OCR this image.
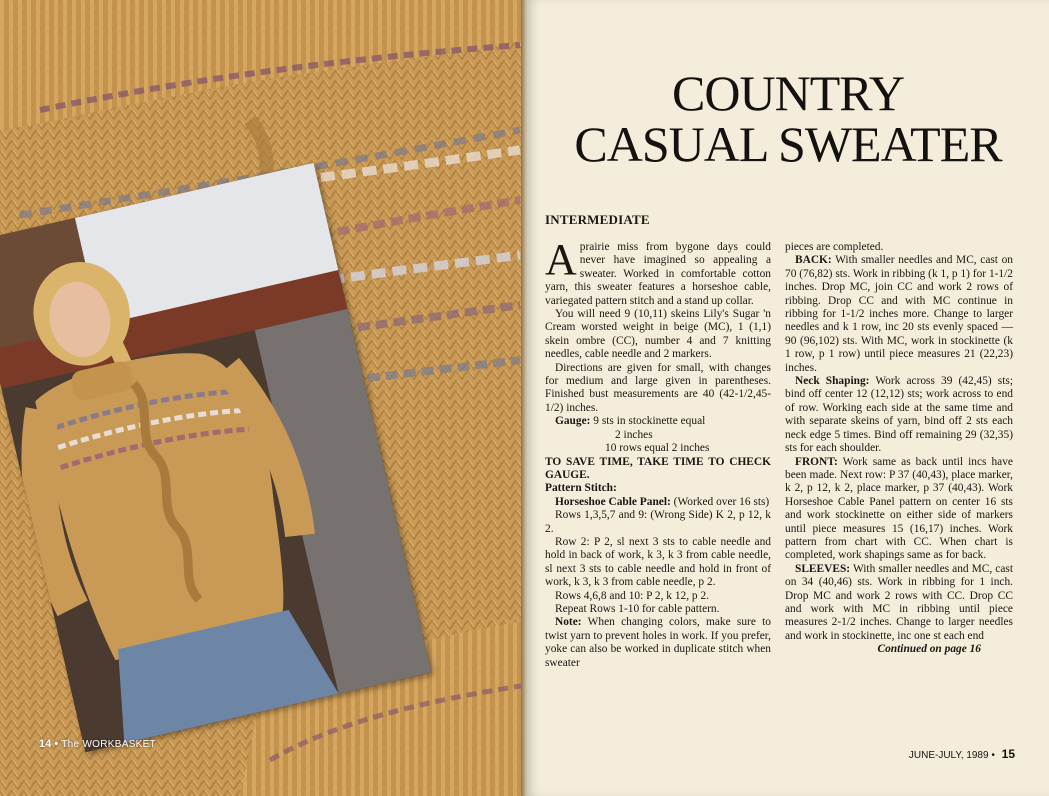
14 • The WORKBASKET
COUNTRY
CASUAL SWEATER
INTERMEDIATE

Aprairie miss from bygone days could never have imagined so appealing a sweater. Worked in comfortable cotton yarn, this sweater features a horseshoe cable, variegated pattern stitch and a stand up collar.

You will need 9 (10,11) skeins Lily's Sugar 'n Cream worsted weight in beige (MC), 1 (1,1) skein ombre (CC), number 4 and 7 knitting needles, cable needle and 2 markers.

Directions are given for small, with changes for medium and large given in parentheses. Finished bust measurements are 40 (42-1/2,45-1/2) inches.

Gauge: 9 sts in stockinette equal

2 inches

10 rows equal 2 inches

TO SAVE TIME, TAKE TIME TO CHECK GAUGE.

Pattern Stitch:

Horseshoe Cable Panel: (Worked over 16 sts)

Rows 1,3,5,7 and 9: (Wrong Side) K 2, p 12, k 2.

Row 2: P 2, sl next 3 sts to cable needle and hold in back of work, k 3, k 3 from cable needle, sl next 3 sts to cable needle and hold in front of work, k 3, k 3 from cable needle, p 2.

Rows 4,6,8 and 10: P 2, k 12, p 2.

Repeat Rows 1-10 for cable pattern.

Note: When changing colors, make sure to twist yarn to prevent holes in work. If you prefer, yoke can also be worked in duplicate stitch when sweater

pieces are completed.

BACK: With smaller needles and MC, cast on 70 (76,82) sts. Work in ribbing (k 1, p 1) for 1-1/2 inches. Drop MC, join CC and work 2 rows of ribbing. Drop CC and with MC continue in ribbing for 1-1/2 inches more. Change to larger needles and k 1 row, inc 20 sts evenly spaced — 90 (96,102) sts. With MC, work in stockinette (k 1 row, p 1 row) until piece measures 21 (22,23) inches.

Neck Shaping: Work across 39 (42,45) sts; bind off center 12 (12,12) sts; work across to end of row. Working each side at the same time and with separate skeins of yarn, bind off 2 sts each neck edge 5 times. Bind off remaining 29 (32,35) sts for each shoulder.

FRONT: Work same as back until incs have been made. Next row: P 37 (40,43), place marker, k 2, p 12, k 2, place marker, p 37 (40,43). Work Horseshoe Cable Panel pattern on center 16 sts and work stockinette on either side of markers until piece measures 15 (16,17) inches. Work pattern from chart with CC. When chart is completed, work shapings same as for back.

SLEEVES: With smaller needles and MC, cast on 34 (40,46) sts. Work in ribbing for 1 inch. Drop MC and work 2 rows with CC. Drop CC and work with MC in ribbing until piece measures 2-1/2 inches. Change to larger needles and work in stockinette, inc one st each end

Continued on page 16

JUNE-JULY, 1989 • 15
